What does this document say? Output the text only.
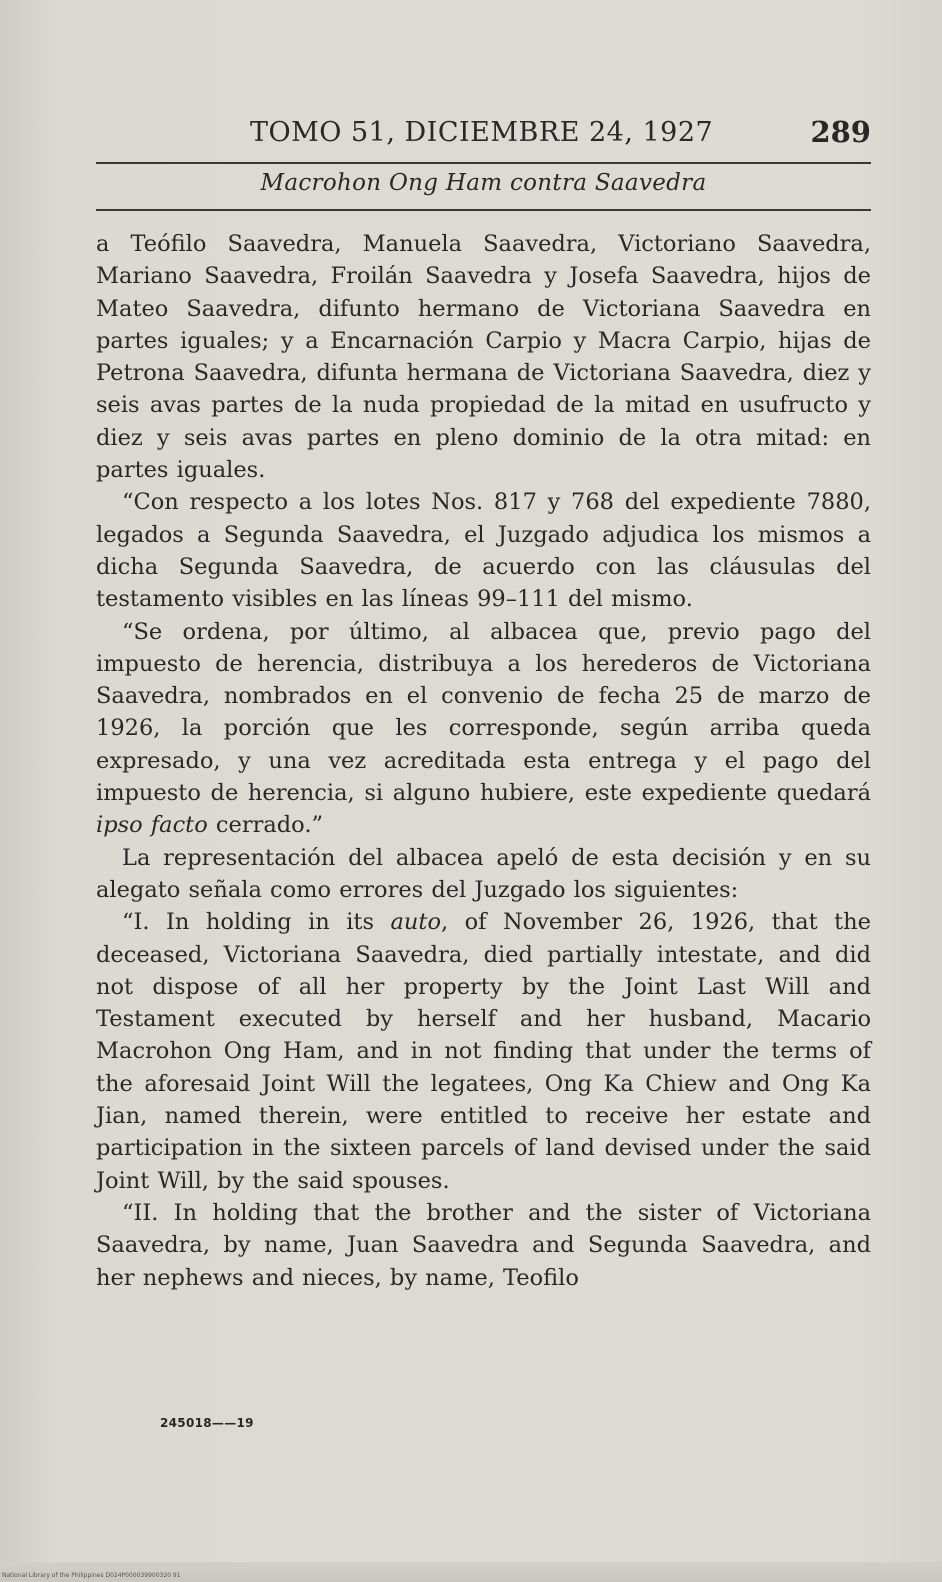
TOMO 51, DICIEMBRE 24, 1927	289
Macrohon Ong Ham contra Saavedra

a Teófilo Saavedra, Manuela Saavedra, Victoriano Saavedra, Mariano Saavedra, Froilán Saavedra y Josefa Saavedra, hijos de Mateo Saavedra, difunto hermano de Victoriana Saavedra en partes iguales; y a Encarnación Carpio y Macra Carpio, hijas de Petrona Saavedra, difunta hermana de Victoriana Saavedra, diez y seis avas partes de la nuda propiedad de la mitad en usufructo y diez y seis avas partes en pleno dominio de la otra mitad: en partes iguales.

“Con respecto a los lotes Nos. 817 y 768 del expediente 7880, legados a Segunda Saavedra, el Juzgado adjudica los mismos a dicha Segunda Saavedra, de acuerdo con las cláusulas del testamento visibles en las líneas 99–111 del mismo.

“Se ordena, por último, al albacea que, previo pago del impuesto de herencia, distribuya a los herederos de Victoriana Saavedra, nombrados en el convenio de fecha 25 de marzo de 1926, la porción que les corresponde, según arriba queda expresado, y una vez acreditada esta entrega y el pago del impuesto de herencia, si alguno hubiere, este expediente quedará ipso facto cerrado.”

La representación del albacea apeló de esta decisión y en su alegato señala como errores del Juzgado los siguientes:

“I. In holding in its auto, of November 26, 1926, that the deceased, Victoriana Saavedra, died partially intestate, and did not dispose of all her property by the Joint Last Will and Testament executed by herself and her husband, Macario Macrohon Ong Ham, and in not finding that under the terms of the aforesaid Joint Will the legatees, Ong Ka Chiew and Ong Ka Jian, named therein, were entitled to receive her estate and participation in the sixteen parcels of land devised under the said Joint Will, by the said spouses.

“II. In holding that the brother and the sister of Victoriana Saavedra, by name, Juan Saavedra and Segunda Saavedra, and her nephews and nieces, by name, Teofilo

245018——19
National Library of the Philippines D024P000039900320 91
